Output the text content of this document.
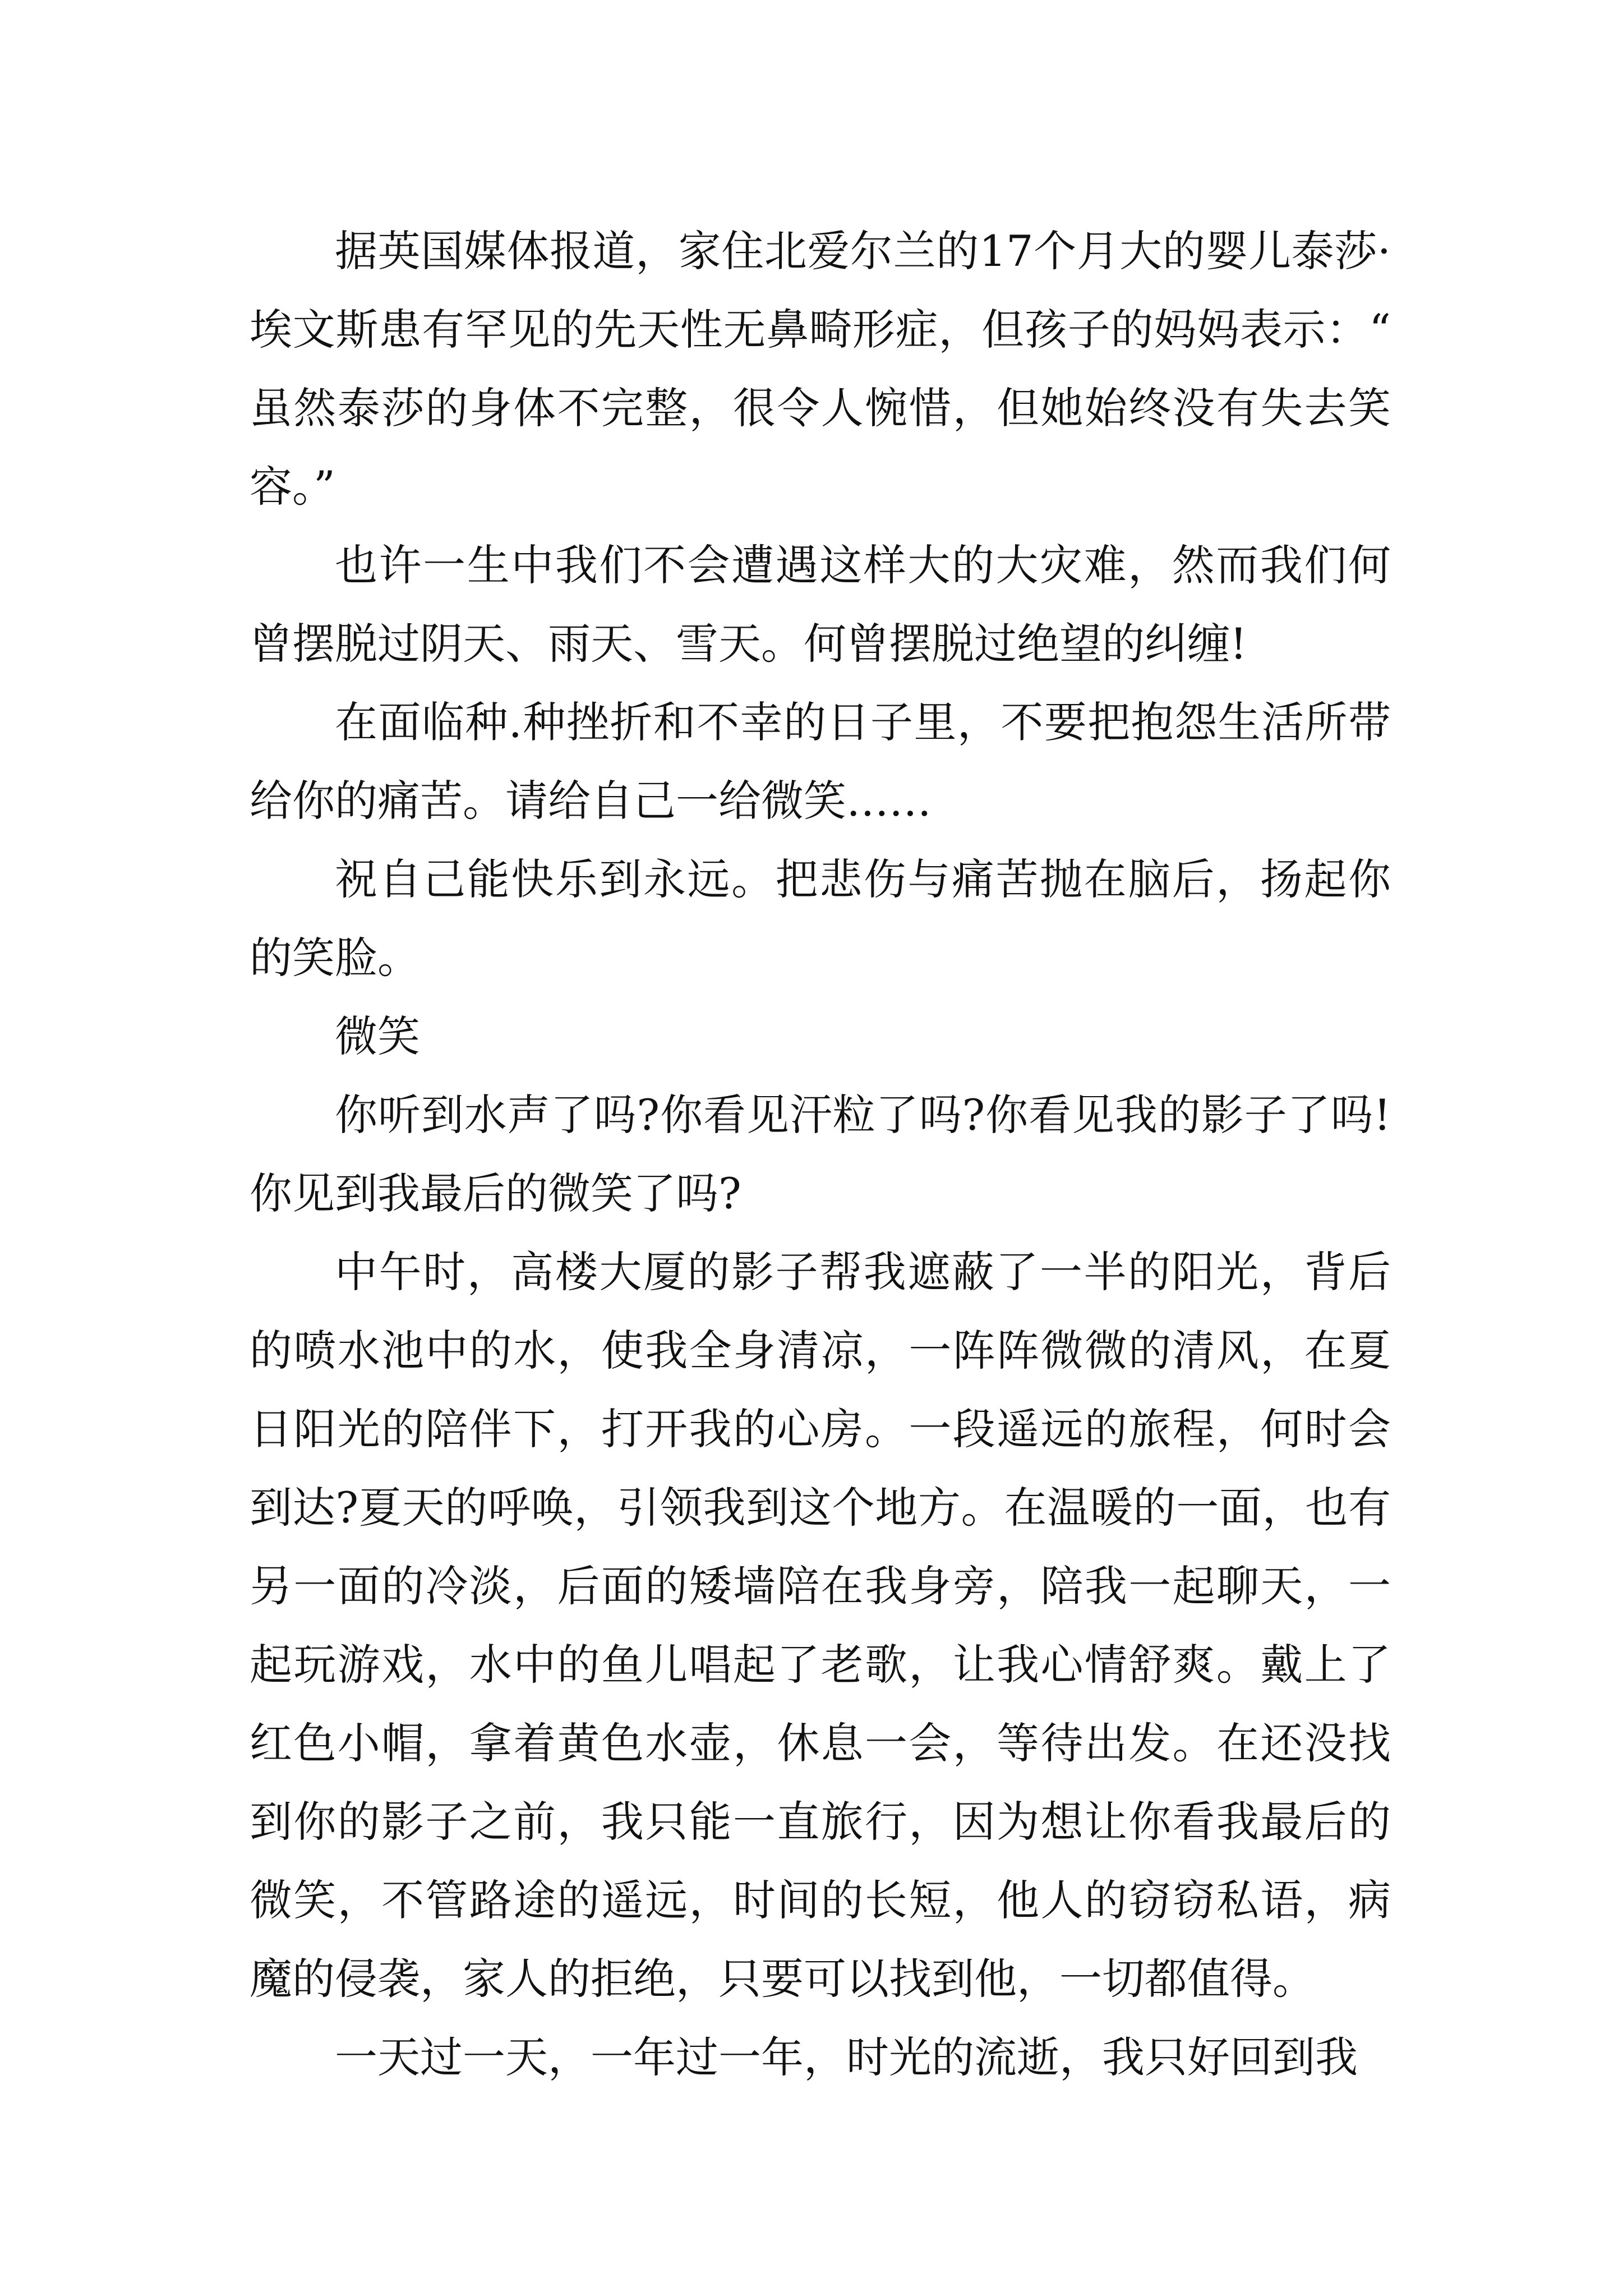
据英国媒体报道，家住北爱尔兰的17个月大的婴儿泰莎·埃文斯患有罕见的先天性无鼻畸形症，但孩子的妈妈表示：“虽然泰莎的身体不完整，很令人惋惜，但她始终没有失去笑容。”

也许一生中我们不会遭遇这样大的大灾难，然而我们何曾摆脱过阴天、雨天、雪天。何曾摆脱过绝望的纠缠!

在面临种.种挫折和不幸的日子里，不要把抱怨生活所带给你的痛苦。请给自己一给微笑……

祝自己能快乐到永远。把悲伤与痛苦抛在脑后，扬起你的笑脸。

微笑

你听到水声了吗?你看见汗粒了吗?你看见我的影子了吗!你见到我最后的微笑了吗?

中午时，高楼大厦的影子帮我遮蔽了一半的阳光，背后的喷水池中的水，使我全身清凉，一阵阵微微的清风，在夏日阳光的陪伴下，打开我的心房。一段遥远的旅程，何时会到达?夏天的呼唤，引领我到这个地方。在温暖的一面，也有另一面的冷淡，后面的矮墙陪在我身旁，陪我一起聊天，一起玩游戏，水中的鱼儿唱起了老歌，让我心情舒爽。戴上了红色小帽，拿着黄色水壶，休息一会，等待出发。在还没找到你的影子之前，我只能一直旅行，因为想让你看我最后的微笑，不管路途的遥远，时间的长短，他人的窃窃私语，病魔的侵袭，家人的拒绝，只要可以找到他，一切都值得。

一天过一天，一年过一年，时光的流逝，我只好回到我
